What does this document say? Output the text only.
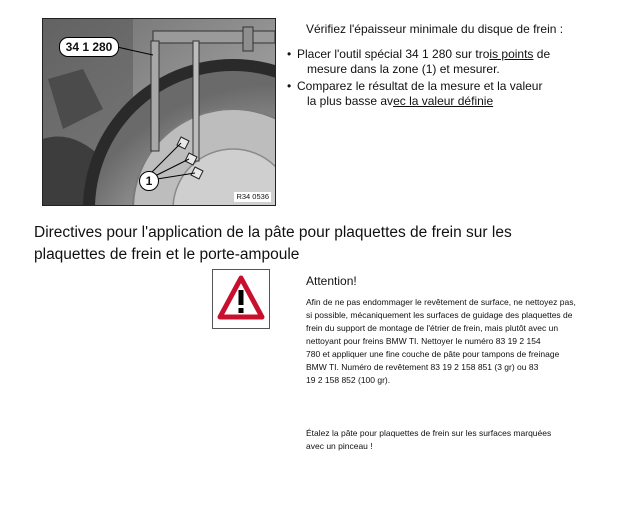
34 1 280
1
R34 0536
Vérifiez l'épaisseur minimale du disque de frein :
• Placer l'outil spécial 34 1 280 sur trois points de
mesure dans la zone (1) et mesurer.
• Comparez le résultat de la mesure et la valeur
la plus basse avec la valeur définie
Directives pour l'application de la pâte pour plaquettes de frein sur les
plaquettes de frein et le porte-ampoule
Attention!
Afin de ne pas endommager le revêtement de surface, ne nettoyez pas,
si possible, mécaniquement les surfaces de guidage des plaquettes de
frein du support de montage de l'étrier de frein, mais plutôt avec un
nettoyant pour freins BMW TI. Nettoyer le numéro 83 19 2 154
780 et appliquer une fine couche de pâte pour tampons de freinage
BMW TI. Numéro de revêtement 83 19 2 158 851 (3 gr) ou 83
19 2 158 852 (100 gr).
Étalez la pâte pour plaquettes de frein sur les surfaces marquées
avec un pinceau !
